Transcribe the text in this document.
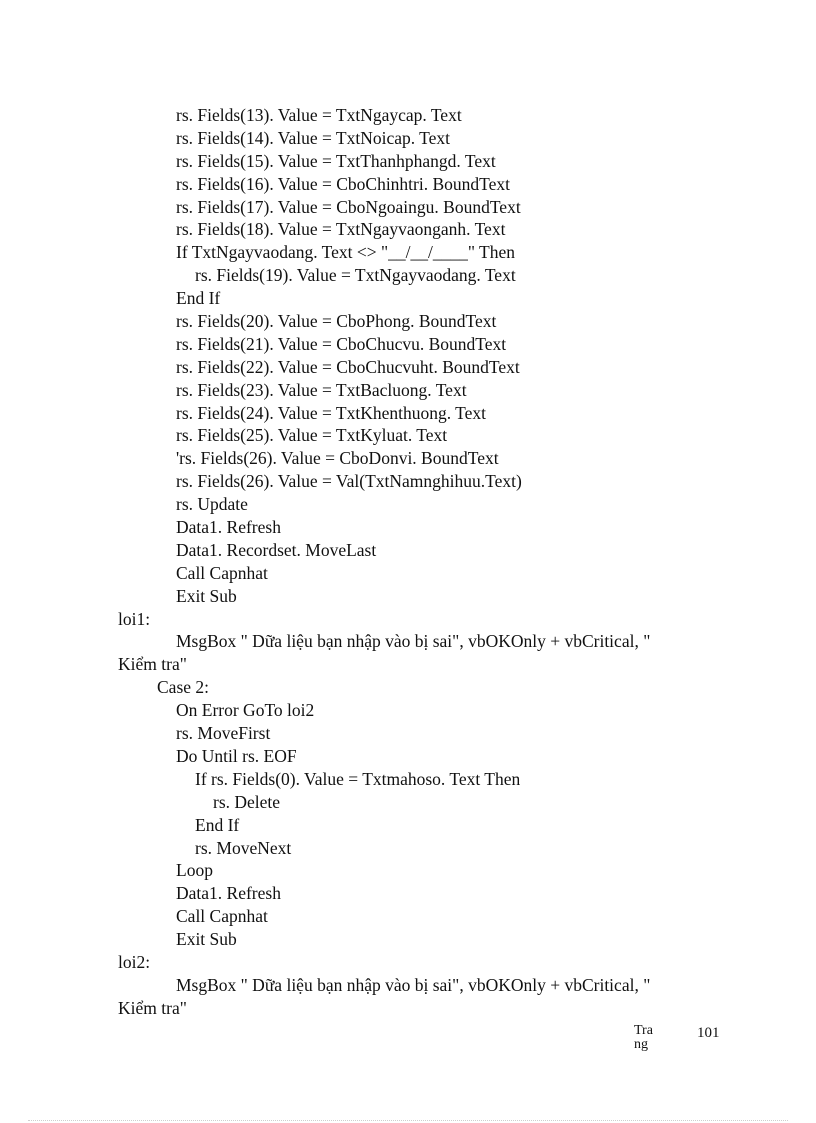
rs. Fields(13). Value = TxtNgaycap. Text
rs. Fields(14). Value = TxtNoicap. Text
rs. Fields(15). Value = TxtThanhphangd. Text
rs. Fields(16). Value = CboChinhtri. BoundText
rs. Fields(17). Value = CboNgoaingu. BoundText
rs. Fields(18). Value = TxtNgayvaonganh. Text
If TxtNgayvaodang. Text <> "__/__/____" Then
rs. Fields(19). Value = TxtNgayvaodang. Text
End If
rs. Fields(20). Value = CboPhong. BoundText
rs. Fields(21). Value = CboChucvu. BoundText
rs. Fields(22). Value = CboChucvuht. BoundText
rs. Fields(23). Value = TxtBacluong. Text
rs. Fields(24). Value = TxtKhenthuong. Text
rs. Fields(25). Value = TxtKyluat. Text
'rs. Fields(26). Value = CboDonvi. BoundText
rs. Fields(26). Value = Val(TxtNamnghihuu.Text)
rs. Update
Data1. Refresh
Data1. Recordset. MoveLast
Call Capnhat
Exit Sub
loi1:
MsgBox " Dữa liệu bạn nhập vào bị sai", vbOKOnly + vbCritical, "
Kiểm tra"
Case 2:
On Error GoTo loi2
rs. MoveFirst
Do Until rs. EOF
If rs. Fields(0). Value = Txtmahoso. Text Then
rs. Delete
End If
rs. MoveNext
Loop
Data1. Refresh
Call Capnhat
Exit Sub
loi2:
MsgBox " Dữa liệu bạn nhập vào bị sai", vbOKOnly + vbCritical, "
Kiểm tra"
Trang
101
